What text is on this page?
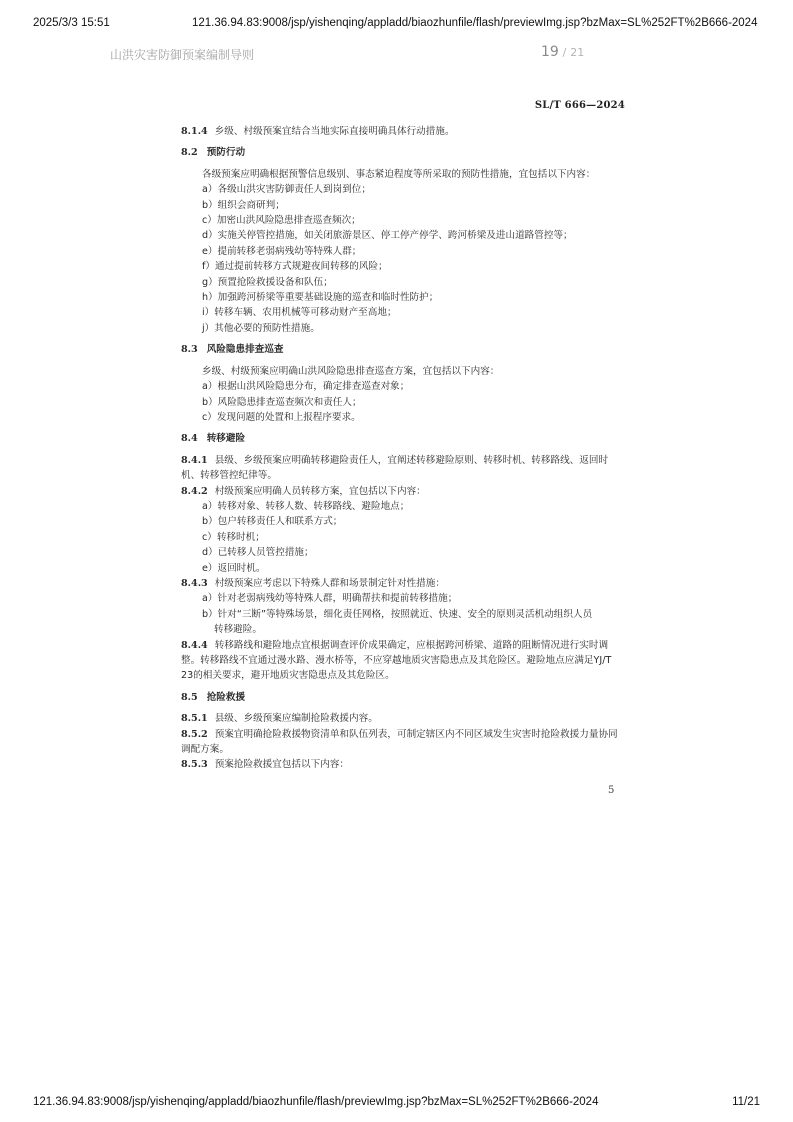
2025/3/3 15:51	121.36.94.83:9008/jsp/yishenqing/appladd/biaozhunfile/flash/previewImg.jsp?bzMax=SL%252FT%2B666-2024
山洪灾害防御预案编制导则	19 / 21
SL/T 666—2024
8.1.4 乡级、村级预案宜结合当地实际直接明确具体行动措施。
8.2 预防行动
各级预案应明确根据预警信息级别、事态紧迫程度等所采取的预防性措施，宜包括以下内容：
a）各级山洪灾害防御责任人到岗到位；
b）组织会商研判；
c）加密山洪风险隐患排查巡查频次；
d）实施关停管控措施，如关闭旅游景区、停工停产停学、跨河桥梁及进山道路管控等；
e）提前转移老弱病残幼等特殊人群；
f）通过提前转移方式规避夜间转移的风险；
g）预置抢险救援设备和队伍；
h）加强跨河桥梁等重要基础设施的巡查和临时性防护；
i）转移车辆、农用机械等可移动财产至高地；
j）其他必要的预防性措施。
8.3 风险隐患排查巡查
乡级、村级预案应明确山洪风险隐患排查巡查方案，宜包括以下内容：
a）根据山洪风险隐患分布，确定排查巡查对象；
b）风险隐患排查巡查频次和责任人；
c）发现问题的处置和上报程序要求。
8.4 转移避险
8.4.1 县级、乡级预案应明确转移避险责任人，宜阐述转移避险原则、转移时机、转移路线、返回时机、转移管控纪律等。
8.4.2 村级预案应明确人员转移方案，宜包括以下内容：
a）转移对象、转移人数、转移路线、避险地点；
b）包户转移责任人和联系方式；
c）转移时机；
d）已转移人员管控措施；
e）返回时机。
8.4.3 村级预案应考虑以下特殊人群和场景制定针对性措施：
a）针对老弱病残幼等特殊人群，明确帮扶和提前转移措施；
b）针对“三断”等特殊场景，细化责任网格，按照就近、快速、安全的原则灵活机动组织人员
转移避险。
8.4.4 转移路线和避险地点宜根据调查评价成果确定，应根据跨河桥梁、道路的阻断情况进行实时调整。转移路线不宜通过漫水路、漫水桥等，不应穿越地质灾害隐患点及其危险区。避险地点应满足YJ/T 23的相关要求，避开地质灾害隐患点及其危险区。
8.5 抢险救援
8.5.1 县级、乡级预案应编制抢险救援内容。
8.5.2 预案宜明确抢险救援物资清单和队伍列表，可制定辖区内不同区域发生灾害时抢险救援力量协同调配方案。
8.5.3 预案抢险救援宜包括以下内容：
5
121.36.94.83:9008/jsp/yishenqing/appladd/biaozhunfile/flash/previewImg.jsp?bzMax=SL%252FT%2B666-2024	11/21
